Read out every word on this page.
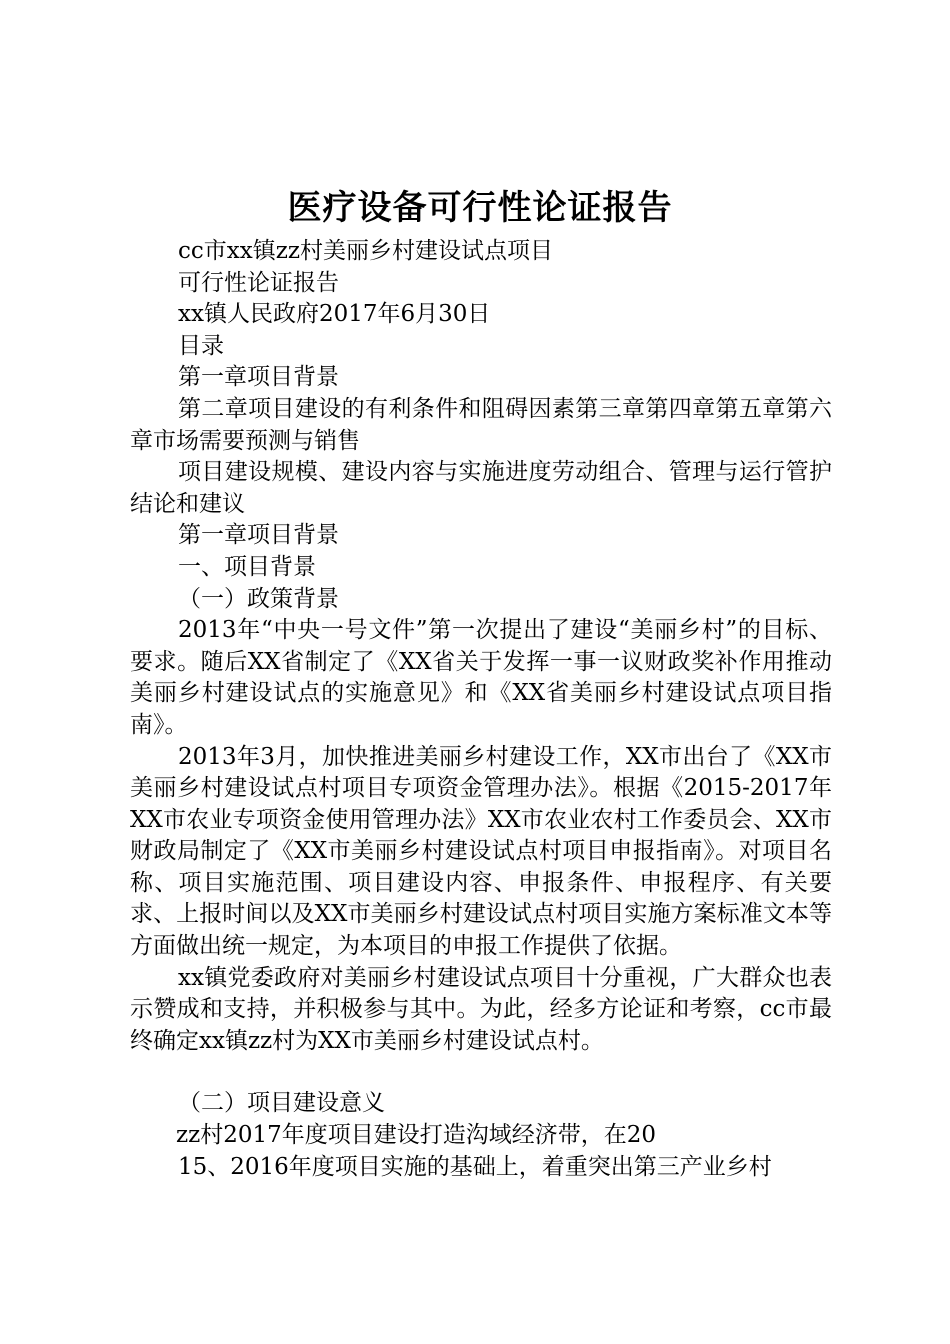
医疗设备可行性论证报告

cc市xx镇zz村美丽乡村建设试点项目

可行性论证报告

xx镇人民政府2017年6月30日

目录

第一章项目背景

第二章项目建设的有利条件和阻碍因素第三章第四章第五章第六章市场需要预测与销售

项目建设规模、建设内容与实施进度劳动组合、管理与运行管护结论和建议

第一章项目背景

一、项目背景

（一）政策背景

2013年“中央一号文件”第一次提出了建设“美丽乡村”的目标、要求。随后XX省制定了《XX省关于发挥一事一议财政奖补作用推动美丽乡村建设试点的实施意见》和《XX省美丽乡村建设试点项目指南》。

2013年3月，加快推进美丽乡村建设工作，XX市出台了《XX市美丽乡村建设试点村项目专项资金管理办法》。根据《2015-2017年XX市农业专项资金使用管理办法》XX市农业农村工作委员会、XX市财政局制定了《XX市美丽乡村建设试点村项目申报指南》。对项目名称、项目实施范围、项目建设内容、申报条件、申报程序、有关要求、上报时间以及XX市美丽乡村建设试点村项目实施方案标准文本等方面做出统一规定，为本项目的申报工作提供了依据。

xx镇党委政府对美丽乡村建设试点项目十分重视，广大群众也表示赞成和支持，并积极参与其中。为此，经多方论证和考察，cc市最终确定xx镇zz村为XX市美丽乡村建设试点村。

（二）项目建设意义

zz村2017年度项目建设打造沟域经济带，在20

15、2016年度项目实施的基础上，着重突出第三产业乡村
